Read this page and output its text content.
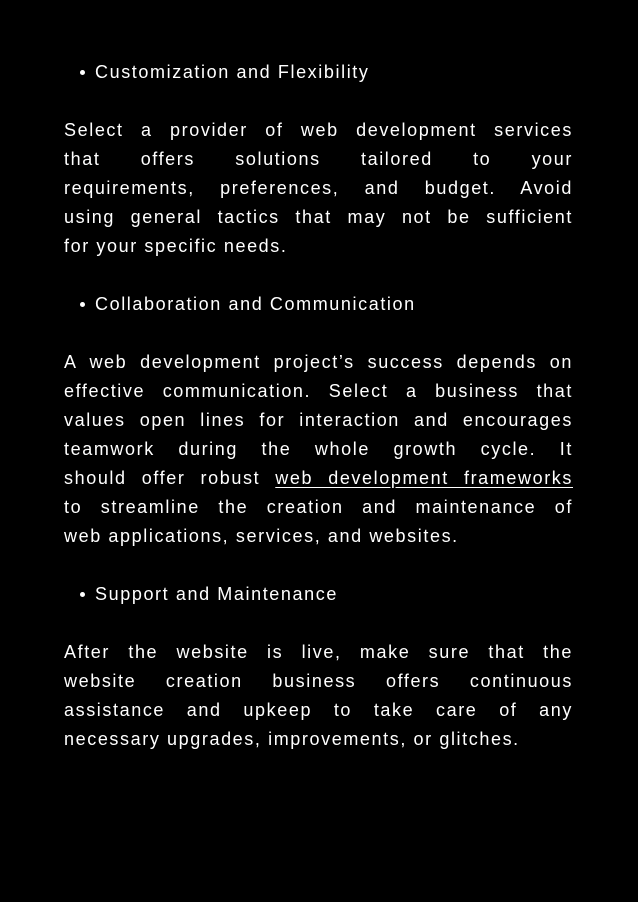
Customization and Flexibility

Select a provider of web development services
that offers solutions tailored to your
requirements, preferences, and budget. Avoid
using general tactics that may not be sufficient
for your specific needs.

Collaboration and Communication

A web development project’s success depends on
effective communication. Select a business that
values open lines for interaction and encourages
teamwork during the whole growth cycle. It
should offer robust web development frameworks
to streamline the creation and maintenance of
web applications, services, and websites.

Support and Maintenance

After the website is live, make sure that the
website creation business offers continuous
assistance and upkeep to take care of any
necessary upgrades, improvements, or glitches.
